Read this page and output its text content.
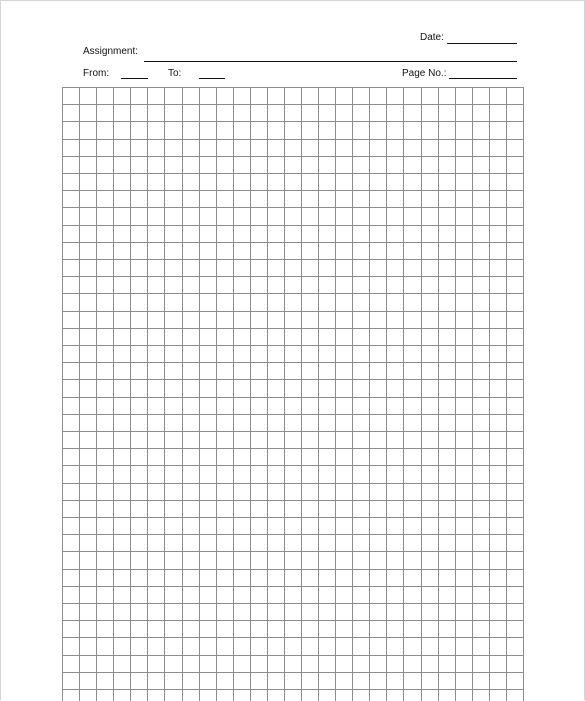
Date:
Assignment:
From:	To:	Page No.:
